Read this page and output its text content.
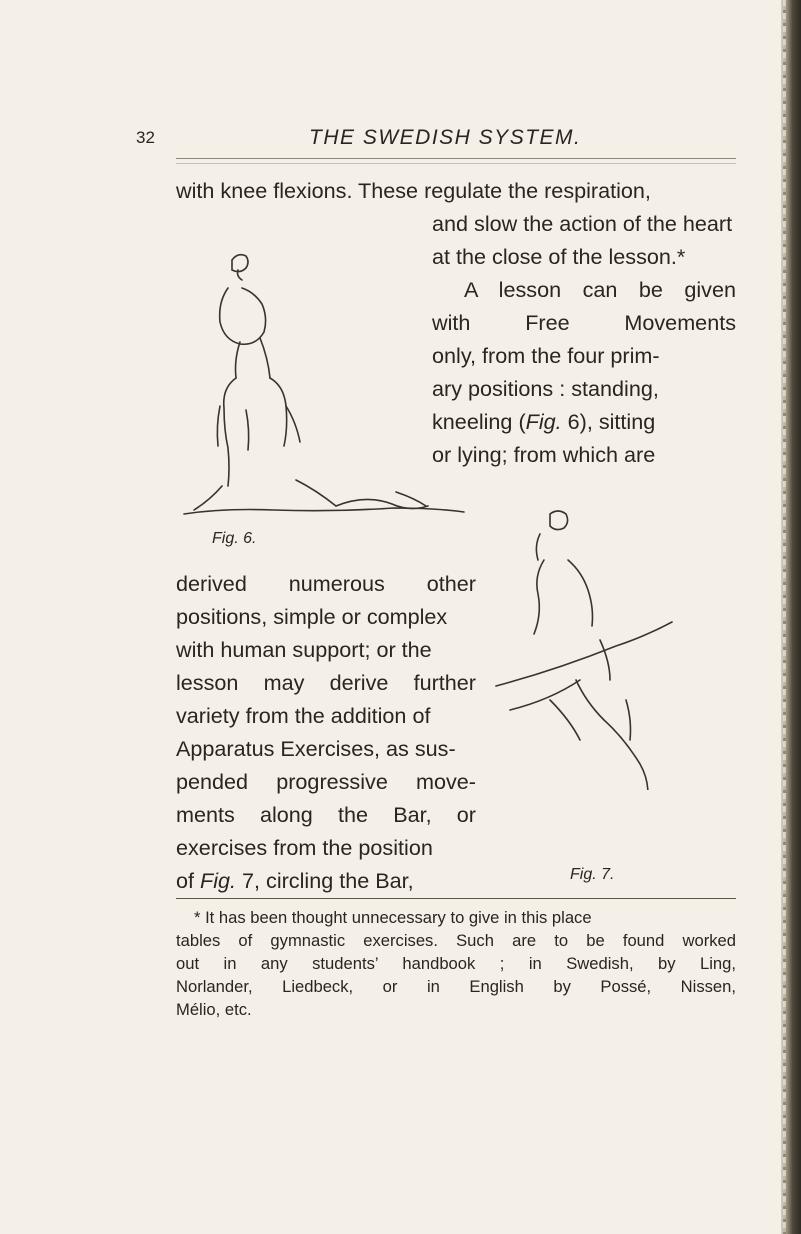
32	THE SWEDISH SYSTEM.
with knee flexions. These regulate the respiration,
and slow the action of the heart
at the close of the lesson.*
A lesson can be given
with Free Movements
only, from the four prim-
ary positions : standing,
kneeling (Fig. 6), sitting
or lying; from which are
derived numerous other
positions, simple or complex
with human support; or the
lesson may derive further
variety from the addition of
Apparatus Exercises, as sus-
pended progressive move-
ments along the Bar, or
exercises from the position
of Fig. 7, circling the Bar,
Fig. 6.
Fig. 7.
* It has been thought unnecessary to give in this place
tables of gymnastic exercises. Such are to be found worked
out in any students’ handbook ; in Swedish, by Ling,
Norlander, Liedbeck, or in English by Possé, Nissen,
Mélio, etc.
